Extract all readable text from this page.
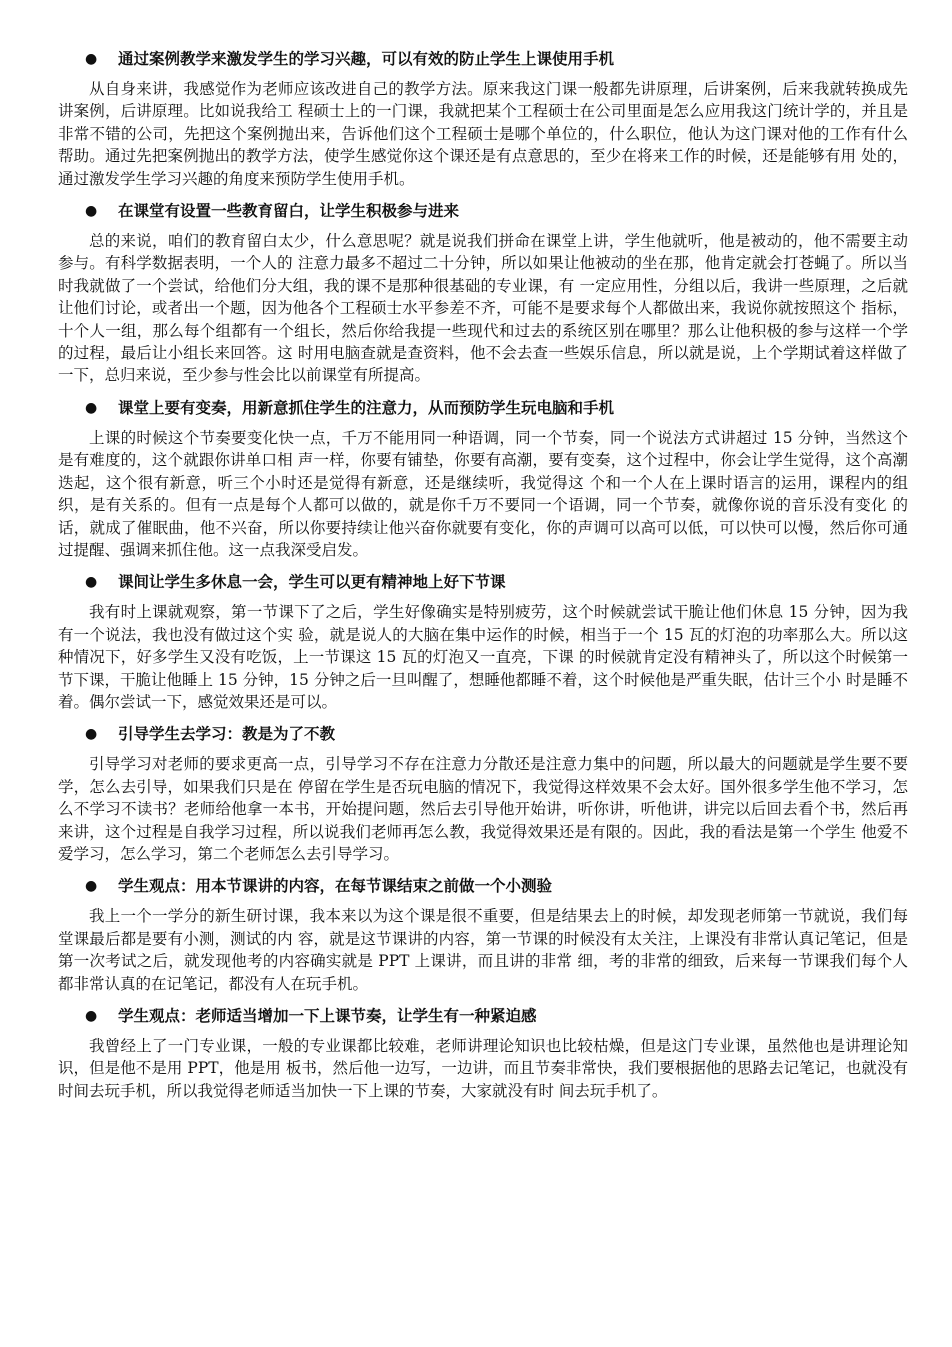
● 通过案例教学来激发学生的学习兴趣，可以有效的防止学生上课使用手机

从自身来讲，我感觉作为老师应该改进自己的教学方法。原来我这门课一般都先讲原理，后讲案例，后来我就转换成先讲案例，后讲原理。比如说我给工 程硕士上的一门课，我就把某个工程硕士在公司里面是怎么应用我这门统计学的，并且是非常不错的公司，先把这个案例抛出来，告诉他们这个工程硕士是哪个单位的，什么职位，他认为这门课对他的工作有什么帮助。通过先把案例抛出的教学方法，使学生感觉你这个课还是有点意思的，至少在将来工作的时候，还是能够有用 处的，通过激发学生学习兴趣的角度来预防学生使用手机。

● 在课堂有设置一些教育留白，让学生积极参与进来

总的来说，咱们的教育留白太少，什么意思呢？就是说我们拼命在课堂上讲，学生他就听，他是被动的，他不需要主动参与。有科学数据表明，一个人的 注意力最多不超过二十分钟，所以如果让他被动的坐在那，他肯定就会打苍蝇了。所以当时我就做了一个尝试，给他们分大组，我的课不是那种很基础的专业课，有 一定应用性，分组以后，我讲一些原理，之后就让他们讨论，或者出一个题，因为他各个工程硕士水平参差不齐，可能不是要求每个人都做出来，我说你就按照这个 指标，十个人一组，那么每个组都有一个组长，然后你给我提一些现代和过去的系统区别在哪里？那么让他积极的参与这样一个学的过程，最后让小组长来回答。这 时用电脑查就是查资料，他不会去查一些娱乐信息，所以就是说，上个学期试着这样做了一下，总归来说，至少参与性会比以前课堂有所提高。

● 课堂上要有变奏，用新意抓住学生的注意力，从而预防学生玩电脑和手机

上课的时候这个节奏要变化快一点，千万不能用同一种语调，同一个节奏，同一个说法方式讲超过 15 分钟，当然这个是有难度的，这个就跟你讲单口相 声一样，你要有铺垫，你要有高潮，要有变奏，这个过程中，你会让学生觉得，这个高潮迭起，这个很有新意，听三个小时还是觉得有新意，还是继续听，我觉得这 个和一个人在上课时语言的运用，课程内的组织，是有关系的。但有一点是每个人都可以做的，就是你千万不要同一个语调，同一个节奏，就像你说的音乐没有变化 的话，就成了催眠曲，他不兴奋，所以你要持续让他兴奋你就要有变化，你的声调可以高可以低，可以快可以慢，然后你可通过提醒、强调来抓住他。这一点我深受启发。

● 课间让学生多休息一会，学生可以更有精神地上好下节课

我有时上课就观察，第一节课下了之后，学生好像确实是特别疲劳，这个时候就尝试干脆让他们休息 15 分钟，因为我有一个说法，我也没有做过这个实 验，就是说人的大脑在集中运作的时候，相当于一个 15 瓦的灯泡的功率那么大。所以这种情况下，好多学生又没有吃饭，上一节课这 15 瓦的灯泡又一直亮，下课 的时候就肯定没有精神头了，所以这个时候第一节下课，干脆让他睡上 15 分钟，15 分钟之后一旦叫醒了，想睡他都睡不着，这个时候他是严重失眠，估计三个小 时是睡不着。偶尔尝试一下，感觉效果还是可以。

● 引导学生去学习：教是为了不教

引导学习对老师的要求更高一点，引导学习不存在注意力分散还是注意力集中的问题，所以最大的问题就是学生要不要学，怎么去引导，如果我们只是在 停留在学生是否玩电脑的情况下，我觉得这样效果不会太好。国外很多学生他不学习，怎么不学习不读书？老师给他拿一本书，开始提问题，然后去引导他开始讲，听你讲，听他讲，讲完以后回去看个书，然后再来讲，这个过程是自我学习过程，所以说我们老师再怎么教，我觉得效果还是有限的。因此，我的看法是第一个学生 他爱不爱学习，怎么学习，第二个老师怎么去引导学习。

● 学生观点：用本节课讲的内容，在每节课结束之前做一个小测验

我上一个一学分的新生研讨课，我本来以为这个课是很不重要，但是结果去上的时候，却发现老师第一节就说，我们每堂课最后都是要有小测，测试的内 容，就是这节课讲的内容，第一节课的时候没有太关注，上课没有非常认真记笔记，但是第一次考试之后，就发现他考的内容确实就是 PPT 上课讲，而且讲的非常 细，考的非常的细致，后来每一节课我们每个人都非常认真的在记笔记，都没有人在玩手机。

● 学生观点：老师适当增加一下上课节奏，让学生有一种紧迫感

我曾经上了一门专业课，一般的专业课都比较难，老师讲理论知识也比较枯燥，但是这门专业课，虽然他也是讲理论知识，但是他不是用 PPT，他是用 板书，然后他一边写，一边讲，而且节奏非常快，我们要根据他的思路去记笔记，也就没有时间去玩手机，所以我觉得老师适当加快一下上课的节奏，大家就没有时 间去玩手机了。
